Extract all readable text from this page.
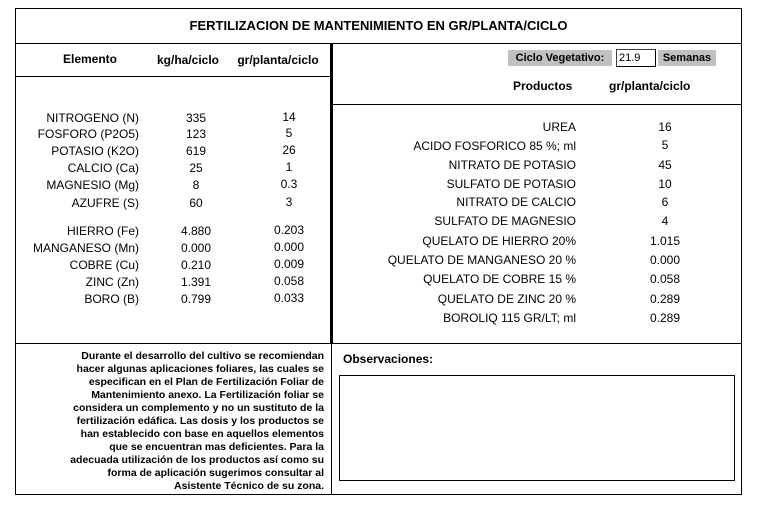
FERTILIZACION DE MANTENIMIENTO EN GR/PLANTA/CICLO
Elemento	kg/ha/ciclo	gr/planta/ciclo
NITROGENO (N)	335	14
FOSFORO (P2O5)	123	5
POTASIO (K2O)	619	26
CALCIO (Ca)	25	1
MAGNESIO (Mg)	8	0.3
AZUFRE (S)	60	3
HIERRO (Fe)	4.880	0.203
MANGANESO (Mn)	0.000	0.000
COBRE (Cu)	0.210	0.009
ZINC (Zn)	1.391	0.058
BORO (B)	0.799	0.033
Ciclo Vegetativo:
21.9	Semanas
Productos	gr/planta/ciclo
UREA	16
ACIDO FOSFORICO 85 %; ml	5
NITRATO DE POTASIO	45
SULFATO DE POTASIO	10
NITRATO DE CALCIO	6
SULFATO DE MAGNESIO	4
QUELATO DE HIERRO 20%	1.015
QUELATO DE MANGANESO 20 %	0.000
QUELATO DE COBRE 15 %	0.058
QUELATO DE ZINC 20 %	0.289
BOROLIQ 115 GR/LT; ml	0.289
Durante el desarrollo del cultivo se recomiendan
hacer algunas aplicaciones foliares, las cuales se
especifican en el Plan de Fertilización Foliar de
Mantenimiento anexo. La Fertilización foliar se
considera un complemento y no un sustituto de la
fertilización edáfica. Las dosis y los productos se
han establecido con base en aquellos elementos
que se encuentran mas deficientes. Para la
adecuada utilización de los productos así como su
forma de aplicación sugerimos consultar al
Asistente Técnico de su zona.
Observaciones:
